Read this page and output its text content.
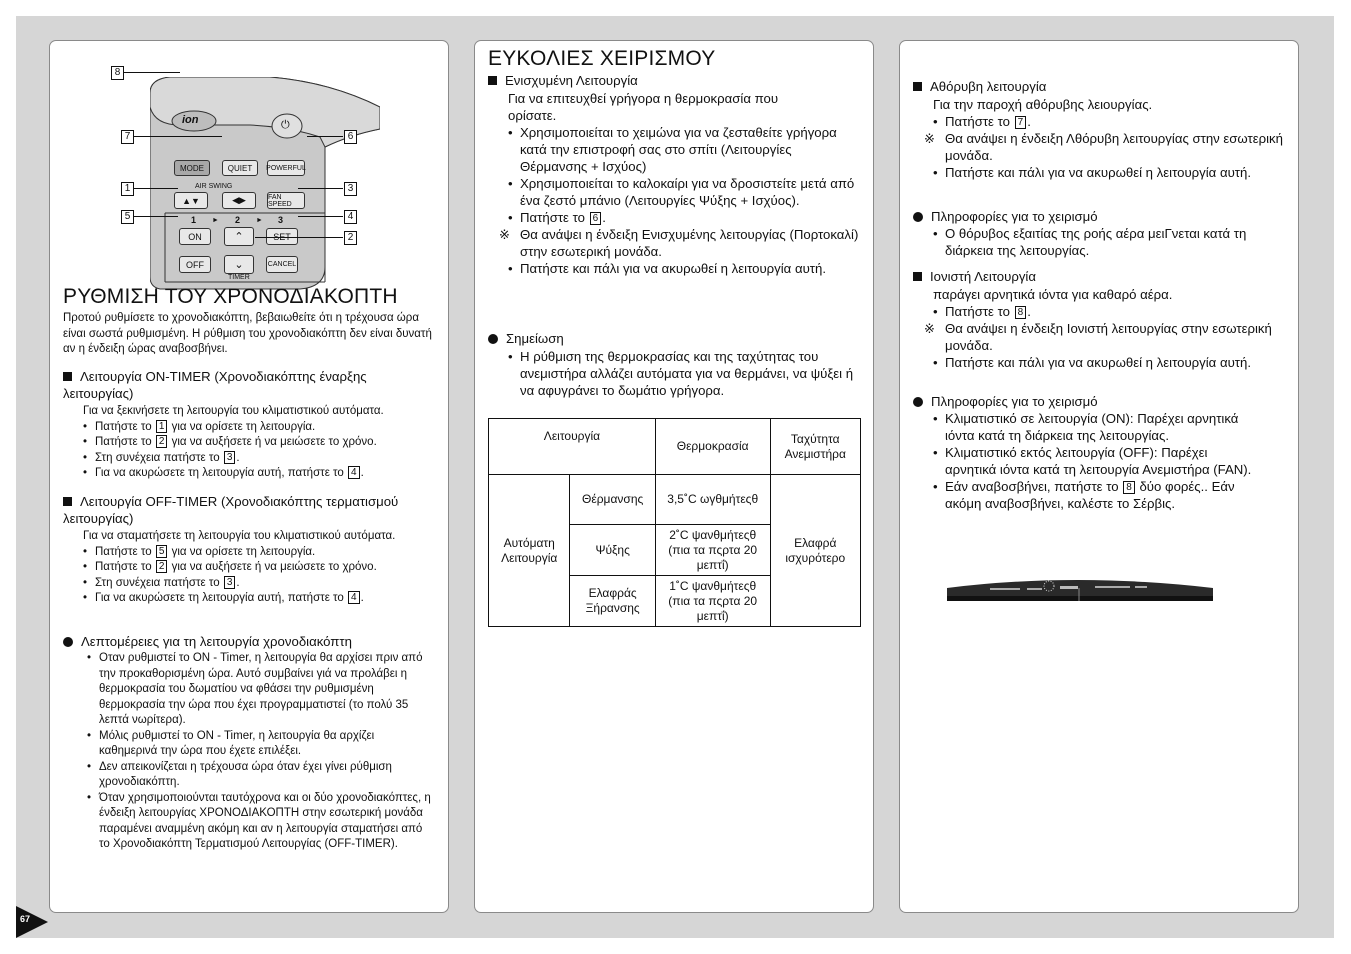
67
ion	⏻
MODE	QUIET	POWERFUL
AIR SWING
▲▼	◀▶	FAN SPEED
1 ► 2 ► 3
ON	⌃	SET
OFF	⌄	CANCEL
TIMER
8
7	6
1	3
5	4
2
ΡΥΘΜΙΣΗ ΤΟΥ ΧΡΟΝΟΔΙΑΚΟΠΤΗ
Προτού ρυθμίσετε το χρονοδιακόπτη, βεβαιωθείτε ότι η τρέχουσα ώρα είναι σωστά ρυθμισμένη. Η ρύθμιση του χρονοδιακόπτη δεν είναι δυνατή αν η ένδειξη ώρας αναβοσβήνει.
Λειτουργία ON-TIMER (Χρονοδιακόπτης έναρξης λειτουργίας)
Για να ξεκινήσετε τη λειτουργία του κλιματιστικού αυτόματα.
• Πατήστε το 1 για να ορίσετε τη λειτουργία.
• Πατήστε το 2 για να αυξήσετε ή να μειώσετε το χρόνο.
• Στη συνέχεια πατήστε το 3 .
• Για να ακυρώσετε τη λειτουργία αυτή, πατήστε το 4 .
Λειτουργία OFF-TIMER (Χρονοδιακόπτης τερματισμού λειτουργίας)
Για να σταματήσετε τη λειτουργία του κλιματιστικού αυτόματα.
• Πατήστε το 5 για να ορίσετε τη λειτουργία.
• Πατήστε το 2 για να αυξήσετε ή να μειώσετε το χρόνο.
• Στη συνέχεια πατήστε το 3 .
• Για να ακυρώσετε τη λειτουργία αυτή, πατήστε το 4 .
Λεπτομέρειες για τη λειτουργία χρονοδιακόπτη
• Οταν ρυθμιστεί το ON - Timer, η λειτουργία θα αρχίσει πριν από την προκαθορισμένη ώρα. Αυτό συμβαίνει γιά να προλάβει η θερμοκρασία του δωματίου να φθάσει την ρυθμισμένη θερμοκρασία την ώρα που έχει προγραμματιστεί (το πολύ 35 λεπτά νωρίτερα).
• Μόλις ρυθμιστεί το ON - Timer, η λειτουργία θα αρχίζει καθημερινά την ώρα που έχετε επιλέξει.
• Δεν απεικονίζεται η τρέχουσα ώρα όταν έχει γίνει ρύθμιση χρονοδιακόπτη.
• Όταν χρησιμοποιούνται ταυτόχρονα και οι δύο χρονοδιακόπτες, η ένδειξη λειτουργίας ΧΡΟΝΟΔΙΑΚΟΠΤΗ στην εσωτερική μονάδα παραμένει αναμμένη ακόμη και αν η λειτουργία σταματήσει από το Χρονοδιακόπτη Τερματισμού Λειτουργίας (OFF-TIMER).
ΕΥΚΟΛΙΕΣ ΧΕΙΡΙΣΜΟΥ
Ενισχυμένη Λειτουργία
Για να επιτευχθεί γρήγορα η θερμοκρασία που ορίσατε.
• Χρησιμοποιείται το χειμώνα για να ζεσταθείτε γρήγορα κατά την επιστροφή σας στο σπίτι (Λειτουργίες Θέρμανσης + Ισχύος)
• Χρησιμοποιείται το καλοκαίρι για να δροσιστείτε μετά από ένα ζεστό μπάνιο (Λειτουργίες Ψύξης + Ισχύος).
• Πατήστε το 6 .
※ Θα ανάψει η ένδειξη Ενισχυμένης λειτουργίας (Πορτοκαλί) στην εσωτερική μονάδα.
• Πατήστε και πάλι για να ακυρωθεί η λειτουργία αυτή.
Σημείωση
• Η ρύθμιση της θερμοκρασίας και της ταχύτητας του ανεμιστήρα αλλάζει αυτόματα για να θερμάνει, να ψύξει ή να αφυγράνει το δωμάτιο γρήγορα.
Λειτουργία		Θερμοκρασία	Ταχύτητα Ανεμιστήρα
Αυτόματη Λειτουργία	Θέρμανσης	3,5˚C ωγθμήτεςθ	Ελαφρά ισχυρότερο
	Ψύξης	2˚C ψανθμήτεςθ (πια τα πςρτα 20 μεπτΐ)	
	Ελαφράς Ξήρανσης	1˚C ψανθμήτεςθ (πια τα πςρτα 20 μεπτΐ)	
Αθόρυβη λειτουργία
Για την παροχή αθόρυβης λειουργίας.
• Πατήστε το 7 .
※ Θα ανάψει η ένδειξη Λθόρυβη λειτουργίας στην εσωτερική μονάδα.
• Πατήστε και πάλι για να ακυρωθεί η λειτουργία αυτή.
Πληροφορίες για το χειρισμό
• Ο θόρυβος εξαιτίας της ροής αέρα μειΓνεται κατά τη διάρκεια της λειτουργίας.
Ιονιστή Λειτουργία
παράγει αρνητικά ιόντα για καθαρό αέρα.
• Πατήστε το 8 .
※ Θα ανάψει η ένδειξη Ιονιστή λειτουργίας στην εσωτερική μονάδα.
• Πατήστε και πάλι για να ακυρωθεί η λειτουργία αυτή.
Πληροφορίες για το χειρισμό
• Κλιματιστικό σε λειτουργία (ON): Παρέχει αρνητικά ιόντα κατά τη διάρκεια της λειτουργίας.
• Κλιματιστικό εκτός λειτουργία (OFF): Παρέχει αρνητικά ιόντα κατά τη λειτουργία Ανεμιστήρα (FAN).
• Εάν αναβοσβήνει, πατήστε το 8 δύο φορές.. Εάν ακόμη αναβοσβήνει, καλέστε το Σέρβις.
